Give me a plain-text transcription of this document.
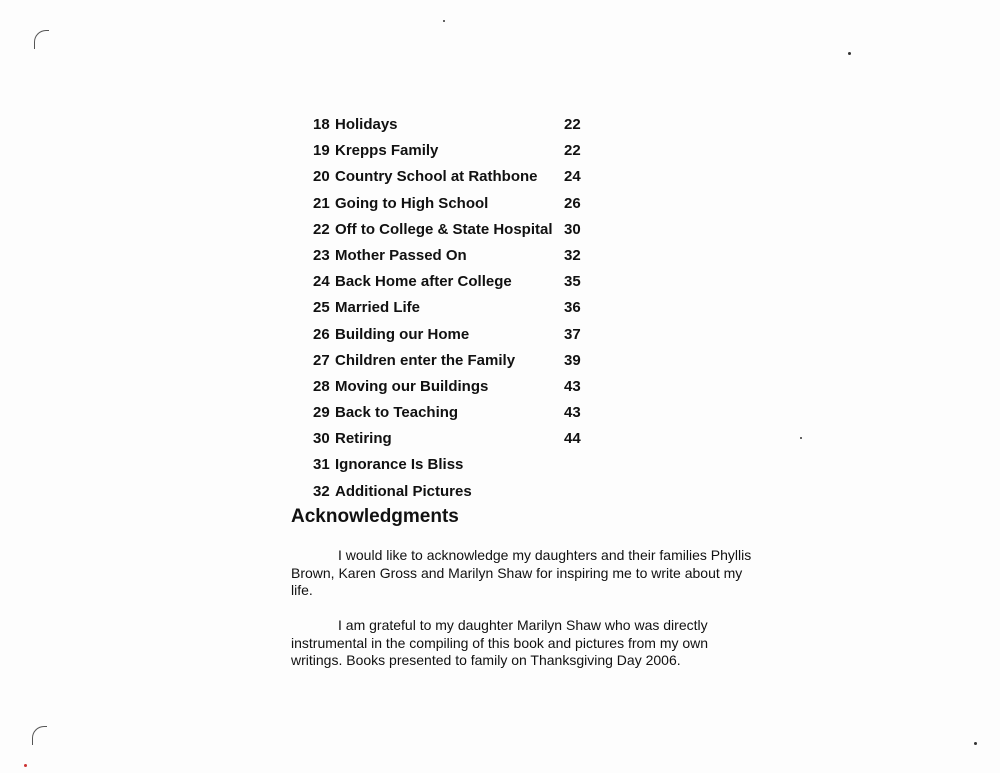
18 Holidays	22
19 Krepps Family	22
20 Country School at Rathbone 24
21 Going to High School	26
22 Off to College & State Hospital 30
23 Mother Passed On	32
24 Back Home after College	35
25 Married Life	36
26 Building our Home	37
27 Children enter the Family	39
28 Moving our Buildings	43
29 Back to Teaching	43
30 Retiring	44
31 Ignorance Is Bliss
32 Additional Pictures
Acknowledgments

I would like to acknowledge my daughters and their families Phyllis Brown, Karen Gross and Marilyn Shaw for inspiring me to write about my life.

I am grateful to my daughter Marilyn Shaw who was directly instrumental in the compiling of this book and pictures from my own writings. Books presented to family on Thanksgiving Day 2006.
